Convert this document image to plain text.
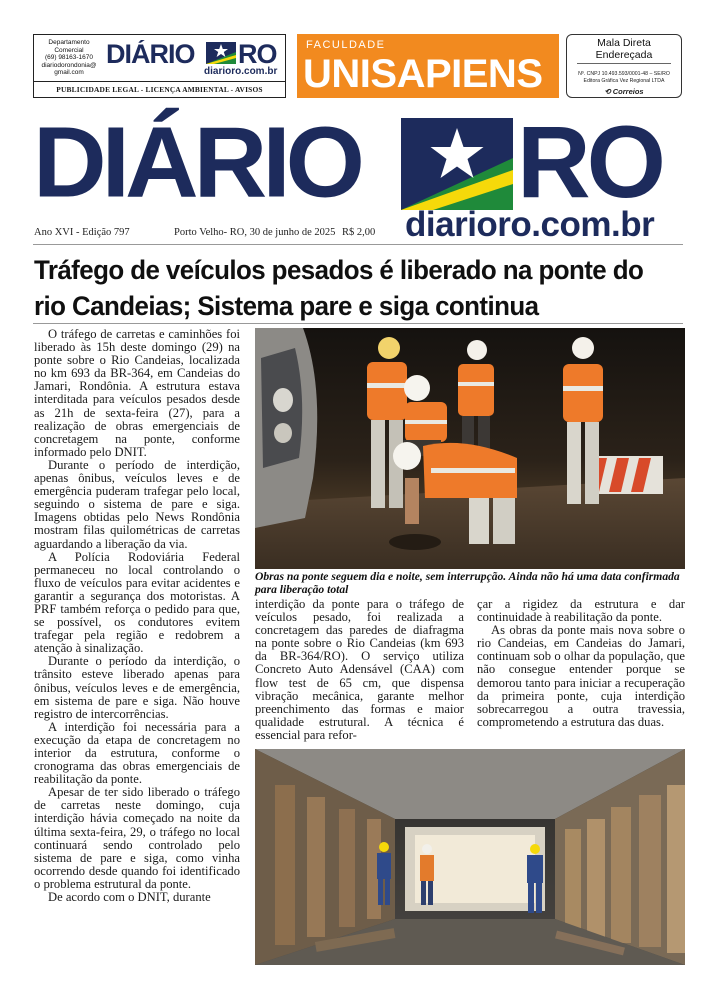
Departamento
Comercial
(69) 98163-1670
diariodorondonia@
gmail.com
DIÁRIO RO
diarioro.com.br
PUBLICIDADE LEGAL - LICENÇA AMBIENTAL - AVISOS
FACULDADE
UNISAPIENS
Mala Direta
Endereçada
Nº. CNPJ 10.493.593/0001-48 – SE/RO
Editora Gráfica Vez Regional LTDA
⟲ Correios
DIÁRIO RO
diarioro.com.br
Ano XVI - Edição 797	Porto Velho- RO, 30 de junho de 2025 R$ 2,00
Tráfego de veículos pesados é liberado na ponte do rio Candeias; Sistema pare e siga continua

O tráfego de carretas e caminhões foi liberado às 15h deste domingo (29) na ponte sobre o Rio Candeias, localizada no km 693 da BR-364, em Candeias do Jamari, Rondônia. A estrutura estava interditada para veículos pesados desde as 21h de sexta-feira (27), para a realização de obras emergenciais de concretagem na ponte, conforme informado pelo DNIT.

Durante o período de interdição, apenas ônibus, veículos leves e de emergência puderam trafegar pelo local, seguindo o sistema de pare e siga. Imagens obtidas pelo News Rondônia mostram filas quilométricas de carretas aguardando a liberação da via.

A Polícia Rodoviária Federal permaneceu no local controlando o fluxo de veículos para evitar acidentes e garantir a segurança dos motoristas. A PRF também reforça o pedido para que, se possível, os condutores evitem trafegar pela região e redobrem a atenção à sinalização.

Durante o período da interdição, o trânsito esteve liberado apenas para ônibus, veículos leves e de emergência, em sistema de pare e siga. Não houve registro de intercorrências.

A interdição foi necessária para a execução da etapa de concretagem no interior da estrutura, conforme o cronograma das obras emergenciais de reabilitação da ponte.

Apesar de ter sido liberado o tráfego de carretas neste domingo, cuja interdição hávia começado na noite da última sexta-feira, 29, o tráfego no local continuará sendo controlado pelo sistema de pare e siga, como vinha ocorrendo desde quando foi identificado o problema estrutural da ponte.

De acordo com o DNIT, durante

Obras na ponte seguem dia e noite, sem interrupção. Ainda não há uma data confirmada para liberação total

interdição da ponte para o tráfego de veículos pesado, foi realizada a concretagem das paredes de diafragma na ponte sobre o Rio Candeias (km 693 da BR-364/RO). O serviço utiliza Concreto Auto Adensável (CAA) com flow test de 65 cm, que dispensa vibração mecânica, garante melhor preenchimento das formas e maior qualidade estrutural. A técnica é essencial para refor-

çar a rigidez da estrutura e dar continuidade à reabilitação da ponte.

As obras da ponte mais nova sobre o rio Candeias, em Candeias do Jamari, continuam sob o olhar da população, que não consegue entender porque se demorou tanto para iniciar a recuperação da primeira ponte, cuja interdição sobrecarregou a outra travessia, comprometendo a estrutura das duas.
